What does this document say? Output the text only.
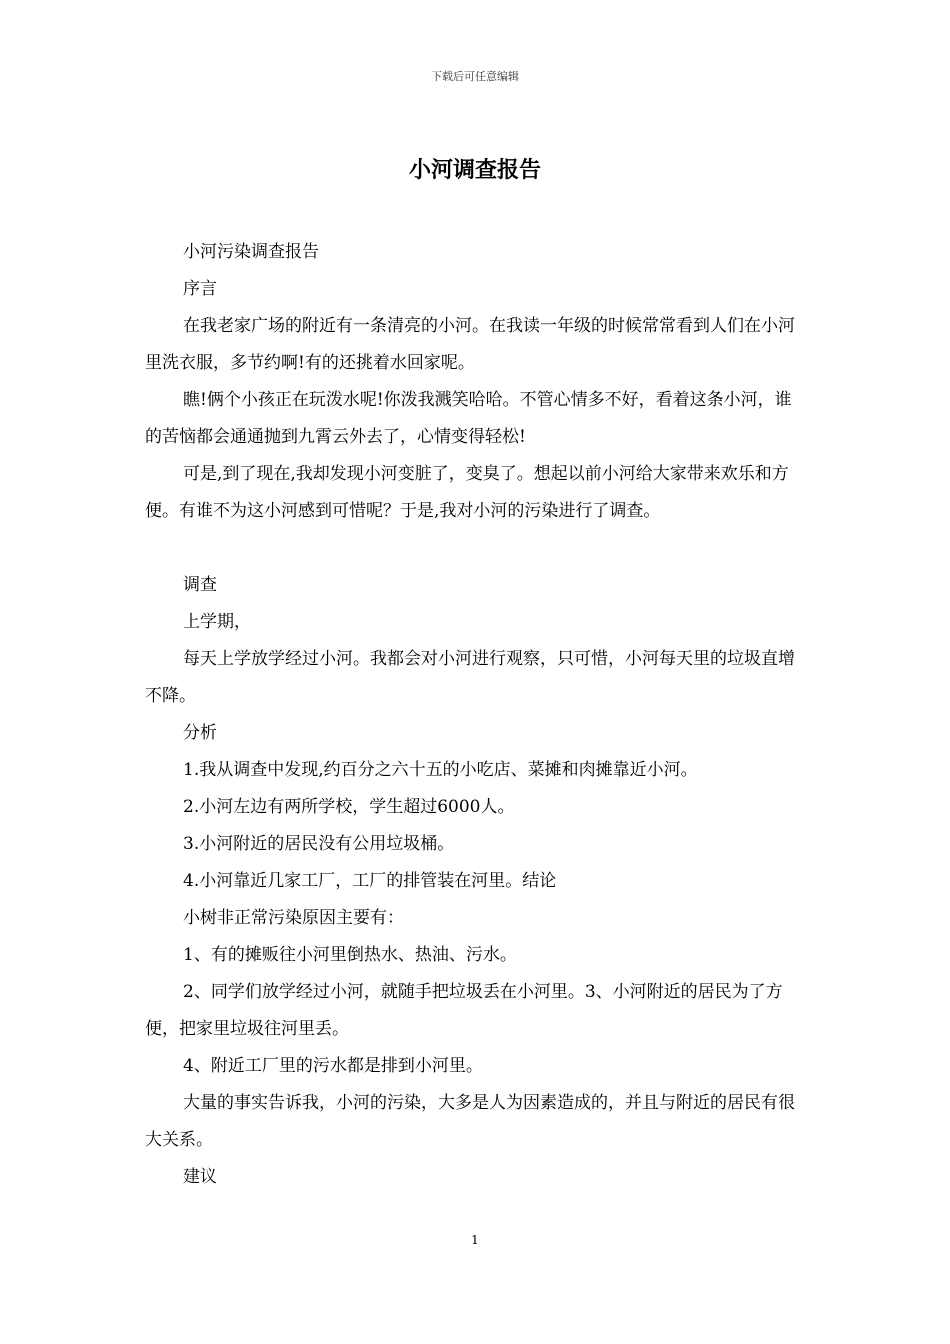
下载后可任意编辑
小河调查报告

小河污染调查报告

序言

在我老家广场的附近有一条清亮的小河。在我读一年级的时候常常看到人们在小河里洗衣服，多节约啊!有的还挑着水回家呢。

瞧!俩个小孩正在玩泼水呢!你泼我溅笑哈哈。不管心情多不好，看着这条小河，谁的苦恼都会通通抛到九霄云外去了，心情变得轻松!

可是,到了现在,我却发现小河变脏了，变臭了。想起以前小河给大家带来欢乐和方便。有谁不为这小河感到可惜呢？于是,我对小河的污染进行了调查。

调查

上学期，

每天上学放学经过小河。我都会对小河进行观察，只可惜，小河每天里的垃圾直增不降。

分析

1.我从调查中发现,约百分之六十五的小吃店、菜摊和肉摊靠近小河。

2.小河左边有两所学校，学生超过6000人。

3.小河附近的居民没有公用垃圾桶。

4.小河靠近几家工厂，工厂的排管装在河里。结论

小树非正常污染原因主要有：

1、有的摊贩往小河里倒热水、热油、污水。

2、同学们放学经过小河，就随手把垃圾丢在小河里。3、小河附近的居民为了方便，把家里垃圾往河里丢。

4、附近工厂里的污水都是排到小河里。

大量的事实告诉我，小河的污染，大多是人为因素造成的，并且与附近的居民有很大关系。

建议

1
